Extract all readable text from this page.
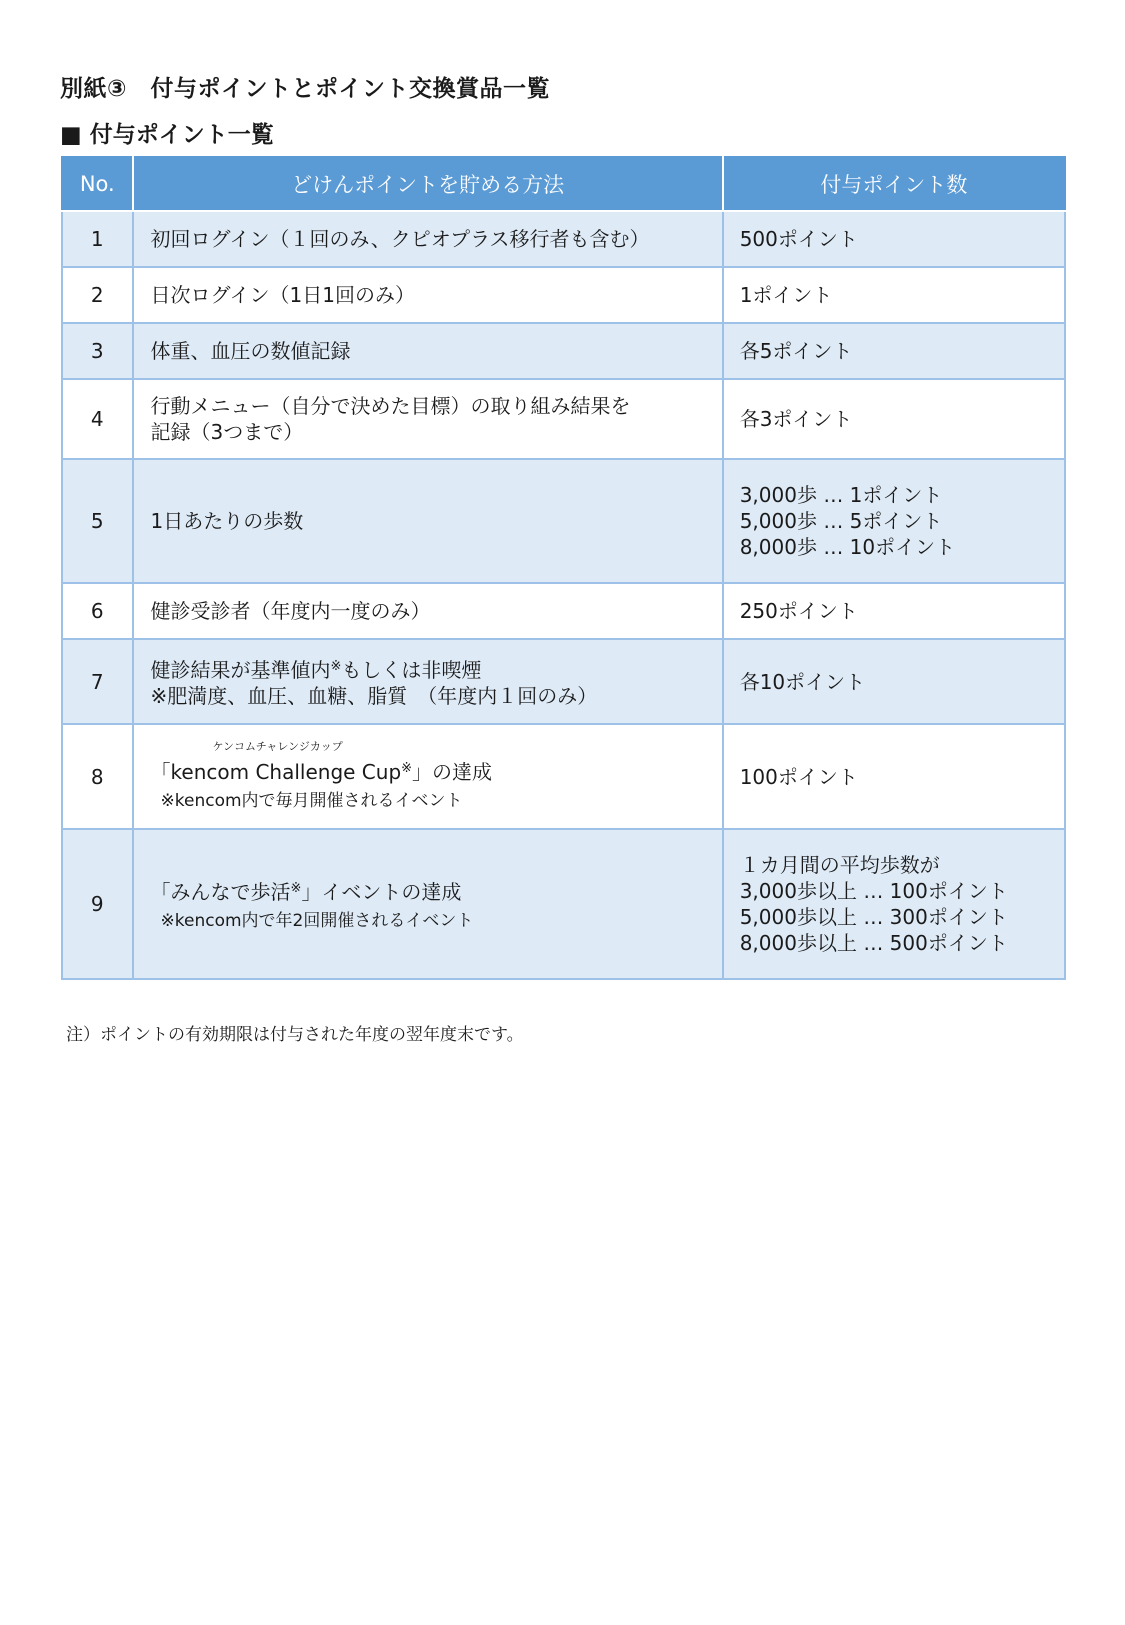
別紙③　付与ポイントとポイント交換賞品一覧
■ 付与ポイント一覧
No.	どけんポイントを貯める方法	付与ポイント数
1	初回ログイン（１回のみ、クピオプラス移行者も含む）	500ポイント

2	日次ログイン（1日1回のみ）	1ポイント

3	体重、血圧の数値記録	各5ポイント

4	行動メニュー（自分で決めた目標）の取り組み結果を
記録（3つまで）	各3ポイント

5	1日あたりの歩数	3,000歩 … 1ポイント
5,000歩 … 5ポイント
8,000歩 … 10ポイント

6	健診受診者（年度内一度のみ）	250ポイント

7	健診結果が基準値内※もしくは非喫煙
※肥満度、血圧、血糖、脂質　（年度内１回のみ）	各10ポイント

8	ケンコムチャレンジカップ
「kencom Challenge Cup※」の達成
※kencom内で毎月開催されるイベント	100ポイント

9	「みんなで歩活※」イベントの達成
※kencom内で年2回開催されるイベント	１カ月間の平均歩数が
3,000歩以上 … 100ポイント
5,000歩以上 … 300ポイント
8,000歩以上 … 500ポイント
注）ポイントの有効期限は付与された年度の翌年度末です。
